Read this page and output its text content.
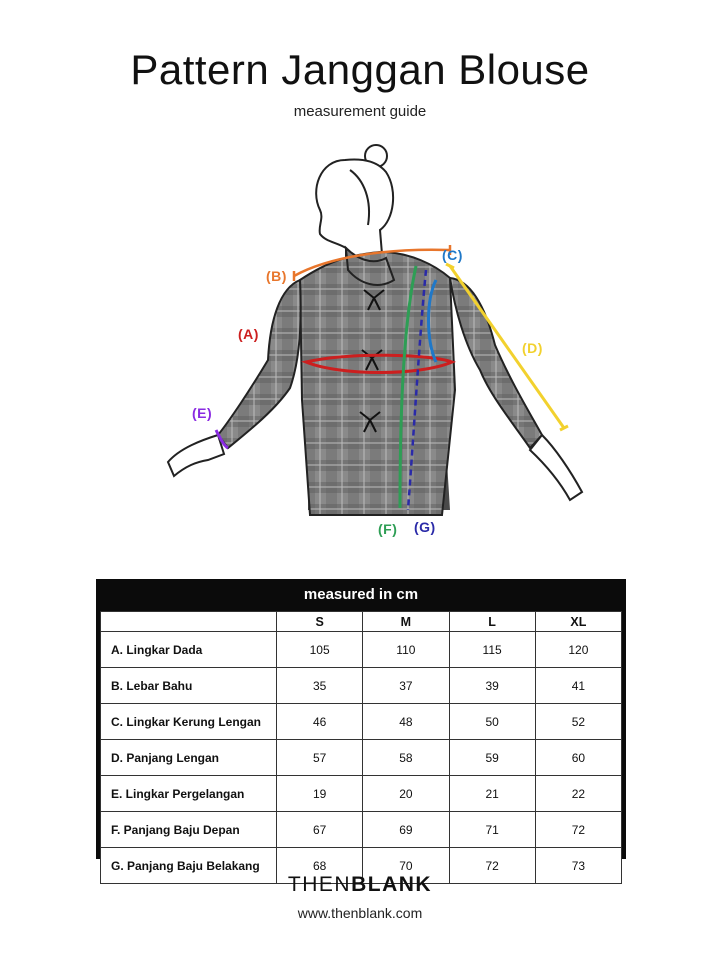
Pattern Janggan Blouse
measurement guide
(A)
(B)
(C)
(D)
(E)
(F) (G)
measured in cm
	S	M	L	XL
A. Lingkar Dada	105	110	115	120
B. Lebar Bahu	35	37	39	41
C. Lingkar Kerung Lengan	46	48	50	52
D. Panjang Lengan	57	58	59	60
E. Lingkar Pergelangan	19	20	21	22
F. Panjang Baju Depan	67	69	71	72
G. Panjang Baju Belakang	68	70	72	73
THENBLANK
www.thenblank.com
